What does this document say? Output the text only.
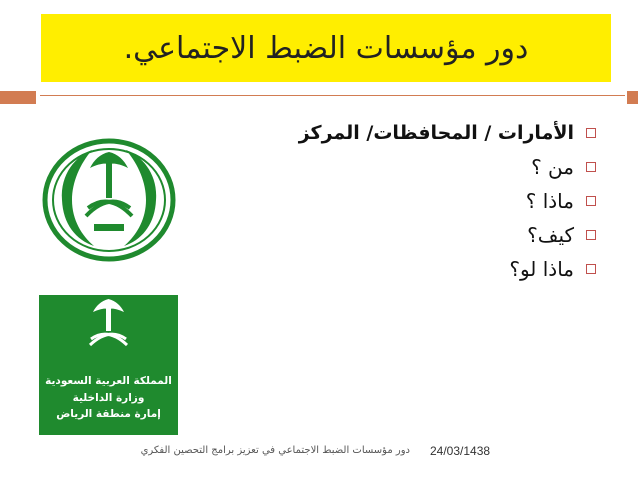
دور مؤسسات الضبط الاجتماعي.
الأمارات / المحافظات/ المركز
من ؟
ماذا ؟
كيف؟
ماذا لو؟
المملكة العربية السعودية
وزارة الداخلية
إمارة منطقة الرياض
24/03/1438
دور مؤسسات الضبط الاجتماعي في تعزيز برامج التحصين الفكري
